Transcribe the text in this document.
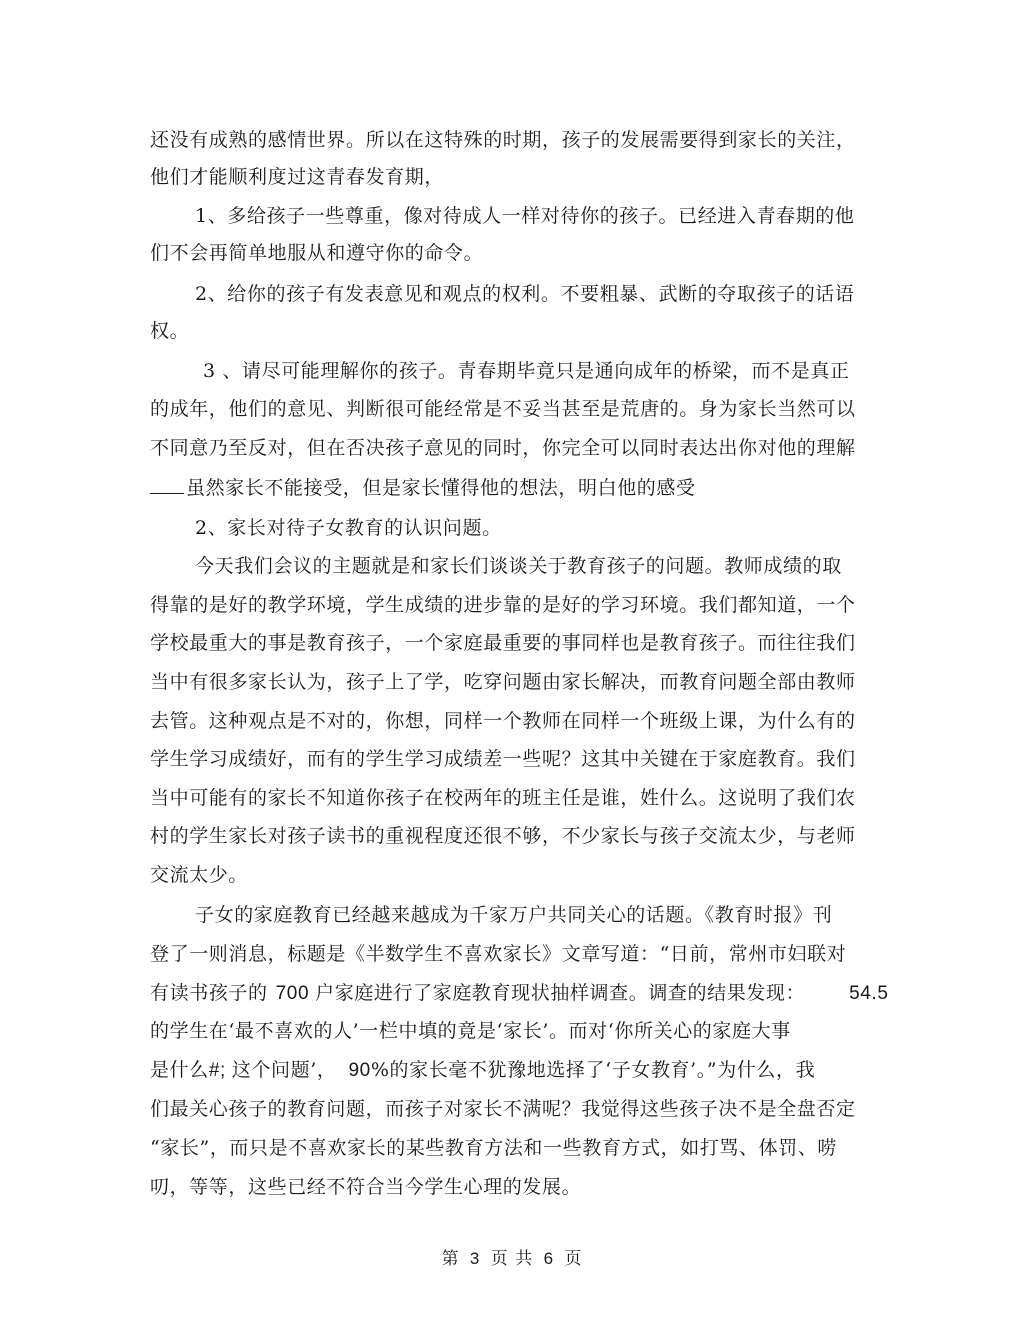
还没有成熟的感情世界。所以在这特殊的时期，孩子的发展需要得到家长的关注，
他们才能顺利度过这青春发育期，
1、多给孩子一些尊重，像对待成人一样对待你的孩子。已经进入青春期的他
们不会再简单地服从和遵守你的命令。
2、给你的孩子有发表意见和观点的权利。不要粗暴、武断的夺取孩子的话语
权。
3 、请尽可能理解你的孩子。青春期毕竟只是通向成年的桥梁，而不是真正
的成年，他们的意见、判断很可能经常是不妥当甚至是荒唐的。身为家长当然可以
不同意乃至反对，但在否决孩子意见的同时，你完全可以同时表达出你对他的理解
虽然家长不能接受，但是家长懂得他的想法，明白他的感受
2、家长对待子女教育的认识问题。
今天我们会议的主题就是和家长们谈谈关于教育孩子的问题。教师成绩的取
得靠的是好的教学环境，学生成绩的进步靠的是好的学习环境。我们都知道，一个
学校最重大的事是教育孩子，一个家庭最重要的事同样也是教育孩子。而往往我们
当中有很多家长认为，孩子上了学，吃穿问题由家长解决，而教育问题全部由教师
去管。这种观点是不对的，你想，同样一个教师在同样一个班级上课，为什么有的
学生学习成绩好，而有的学生学习成绩差一些呢？这其中关键在于家庭教育。我们
当中可能有的家长不知道你孩子在校两年的班主任是谁，姓什么。这说明了我们农
村的学生家长对孩子读书的重视程度还很不够，不少家长与孩子交流太少，与老师
交流太少。
子女的家庭教育已经越来越成为千家万户共同关心的话题。《教育时报》刊
登了一则消息，标题是《半数学生不喜欢家长》文章写道：“日前，常州市妇联对
有读书孩子的 700 户家庭进行了家庭教育现状抽样调查。调查的结果发现： 54.5
的学生在‘最不喜欢的人’一栏中填的竟是‘家长’。而对‘你所关心的家庭大事
是什么#; 这个问题’， 90%的家长毫不犹豫地选择了‘子女教育’。”为什么，我
们最关心孩子的教育问题，而孩子对家长不满呢？我觉得这些孩子决不是全盘否定
“家长”，而只是不喜欢家长的某些教育方法和一些教育方式，如打骂、体罚、唠
叨，等等，这些已经不符合当今学生心理的发展。
第 3 页 共 6 页
